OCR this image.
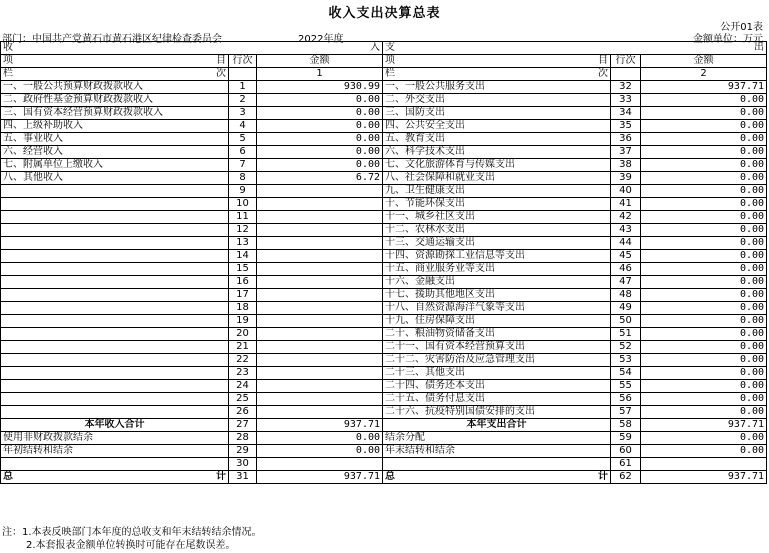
收入支出决算总表
公开01表
部门：中国共产党黄石市黄石港区纪律检查委员会	2022年度	金额单位：万元
收 入			支 出		

项 目	行次	金额	项 目	行次	金额
栏 次		1	栏 次		2
一、一般公共预算财政拨款收入	1	930.99	一、一般公共服务支出	32	937.71
二、政府性基金预算财政拨款收入	2	0.00	二、外交支出	33	0.00
三、国有资本经营预算财政拨款收入	3	0.00	三、国防支出	34	0.00
四、上级补助收入	4	0.00	四、公共安全支出	35	0.00
五、事业收入	5	0.00	五、教育支出	36	0.00
六、经营收入	6	0.00	六、科学技术支出	37	0.00
七、附属单位上缴收入	7	0.00	七、文化旅游体育与传媒支出	38	0.00
八、其他收入	8	6.72	八、社会保障和就业支出	39	0.00
	9		九、卫生健康支出	40	0.00
	10		十、节能环保支出	41	0.00
	11		十一、城乡社区支出	42	0.00
	12		十二、农林水支出	43	0.00
	13		十三、交通运输支出	44	0.00
	14		十四、资源勘探工业信息等支出	45	0.00
	15		十五、商业服务业等支出	46	0.00
	16		十六、金融支出	47	0.00
	17		十七、援助其他地区支出	48	0.00
	18		十八、自然资源海洋气象等支出	49	0.00
	19		十九、住房保障支出	50	0.00
	20		二十、粮油物资储备支出	51	0.00
	21		二十一、国有资本经营预算支出	52	0.00
	22		二十二、灾害防治及应急管理支出	53	0.00
	23		二十三、其他支出	54	0.00
	24		二十四、债务还本支出	55	0.00
	25		二十五、债务付息支出	56	0.00
	26		二十六、抗疫特别国债安排的支出	57	0.00
本年收入合计	27	937.71	本年支出合计	58	937.71
使用非财政拨款结余	28	0.00	结余分配	59	0.00
年初结转和结余	29	0.00	年末结转和结余	60	0.00
	30			61	
总 计	31	937.71	总 计	62	937.71
注：1.本表反映部门本年度的总收支和年末结转结余情况。
2.本套报表金额单位转换时可能存在尾数误差。
